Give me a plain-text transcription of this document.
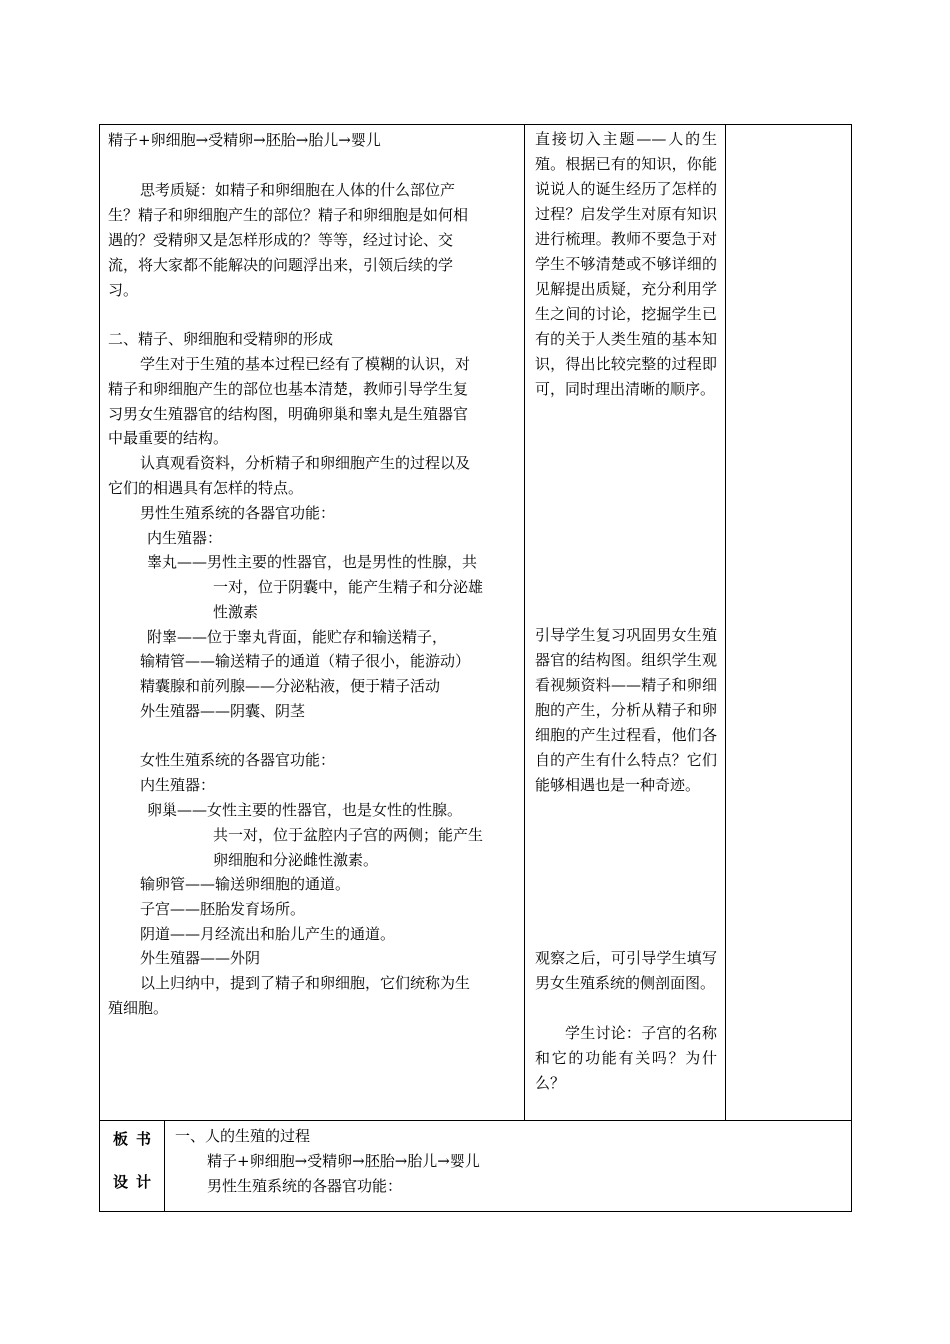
精子+卵细胞→受精卵→胚胎→胎儿→婴儿
思考质疑：如精子和卵细胞在人体的什么部位产
生？精子和卵细胞产生的部位？精子和卵细胞是如何相
遇的？受精卵又是怎样形成的？等等，经过讨论、交
流，将大家都不能解决的问题浮出来，引领后续的学
习。
二、精子、卵细胞和受精卵的形成
学生对于生殖的基本过程已经有了模糊的认识，对
精子和卵细胞产生的部位也基本清楚，教师引导学生复
习男女生殖器官的结构图，明确卵巢和睾丸是生殖器官
中最重要的结构。
认真观看资料，分析精子和卵细胞产生的过程以及
它们的相遇具有怎样的特点。
男性生殖系统的各器官功能：
内生殖器：
睾丸——男性主要的性器官，也是男性的性腺，共
一对，位于阴囊中，能产生精子和分泌雄
性激素
附睾——位于睾丸背面，能贮存和输送精子，
输精管——输送精子的通道（精子很小，能游动）
精囊腺和前列腺——分泌粘液，便于精子活动
外生殖器——阴囊、阴茎
女性生殖系统的各器官功能：
内生殖器：
卵巢——女性主要的性器官，也是女性的性腺。
共一对，位于盆腔内子宫的两侧；能产生
卵细胞和分泌雌性激素。
输卵管——输送卵细胞的通道。
子宫——胚胎发育场所。
阴道——月经流出和胎儿产生的通道。
外生殖器——外阴
以上归纳中，提到了精子和卵细胞，它们统称为生
殖细胞。

直接切入主题——人的生殖。根据已有的知识，你能说说人的诞生经历了怎样的过程？启发学生对原有知识进行梳理。教师不要急于对学生不够清楚或不够详细的见解提出质疑，充分利用学生之间的讨论，挖掘学生已有的关于人类生殖的基本知识，得出比较完整的过程即可，同时理出清晰的顺序。

引导学生复习巩固男女生殖器官的结构图。组织学生观看视频资料——精子和卵细胞的产生，分析从精子和卵细胞的产生过程看，他们各自的产生有什么特点？它们能够相遇也是一种奇迹。

观察之后，可引导学生填写男女生殖系统的侧剖面图。

学生讨论：子宫的名称和它的功能有关吗？为什么？

板书
设计
一、人的生殖的过程
精子+卵细胞→受精卵→胚胎→胎儿→婴儿
男性生殖系统的各器官功能：
